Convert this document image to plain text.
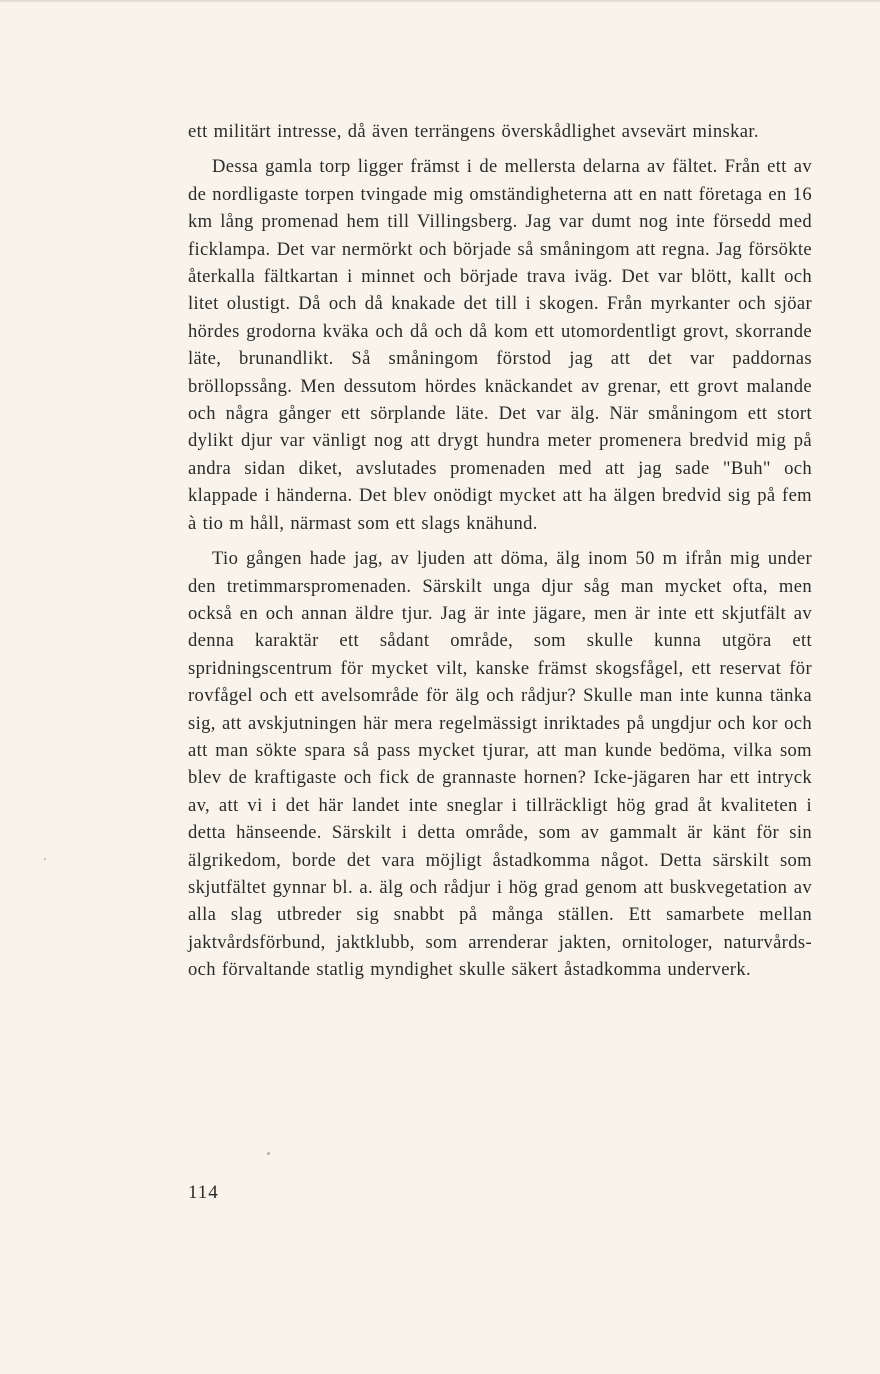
ett militärt intresse, då även terrängens överskådlighet avsevärt minskar.

Dessa gamla torp ligger främst i de mellersta delarna av fältet. Från ett av de nordligaste torpen tvingade mig omständigheterna att en natt företaga en 16 km lång promenad hem till Villingsberg. Jag var dumt nog inte försedd med ficklampa. Det var nermörkt och började så småningom att regna. Jag försökte återkalla fältkartan i minnet och började trava iväg. Det var blött, kallt och litet olustigt. Då och då knakade det till i skogen. Från myrkanter och sjöar hördes grodorna kväka och då och då kom ett utomordentligt grovt, skorrande läte, brunandlikt. Så småningom förstod jag att det var paddornas bröllopssång. Men dessutom hördes knäckandet av grenar, ett grovt malande och några gånger ett sörplande läte. Det var älg. När småningom ett stort dylikt djur var vänligt nog att drygt hundra meter promenera bredvid mig på andra sidan diket, avslutades promenaden med att jag sade "Buh" och klappade i händerna. Det blev onödigt mycket att ha älgen bredvid sig på fem à tio m håll, närmast som ett slags knähund.

Tio gången hade jag, av ljuden att döma, älg inom 50 m ifrån mig under den tretimmarspromenaden. Särskilt unga djur såg man mycket ofta, men också en och annan äldre tjur. Jag är inte jägare, men är inte ett skjutfält av denna karaktär ett sådant område, som skulle kunna utgöra ett spridningscentrum för mycket vilt, kanske främst skogsfågel, ett reservat för rovfågel och ett avelsområde för älg och rådjur? Skulle man inte kunna tänka sig, att avskjutningen här mera regelmässigt inriktades på ungdjur och kor och att man sökte spara så pass mycket tjurar, att man kunde bedöma, vilka som blev de kraftigaste och fick de grannaste hornen? Icke-jägaren har ett intryck av, att vi i det här landet inte sneglar i tillräckligt hög grad åt kvaliteten i detta hänseende. Särskilt i detta område, som av gammalt är känt för sin älgrikedom, borde det vara möjligt åstadkomma något. Detta särskilt som skjutfältet gynnar bl. a. älg och rådjur i hög grad genom att buskvegetation av alla slag utbreder sig snabbt på många ställen. Ett samarbete mellan jaktvårdsförbund, jaktklubb, som arrenderar jakten, ornitologer, naturvårds- och förvaltande statlig myndighet skulle säkert åstadkomma underverk.

114
